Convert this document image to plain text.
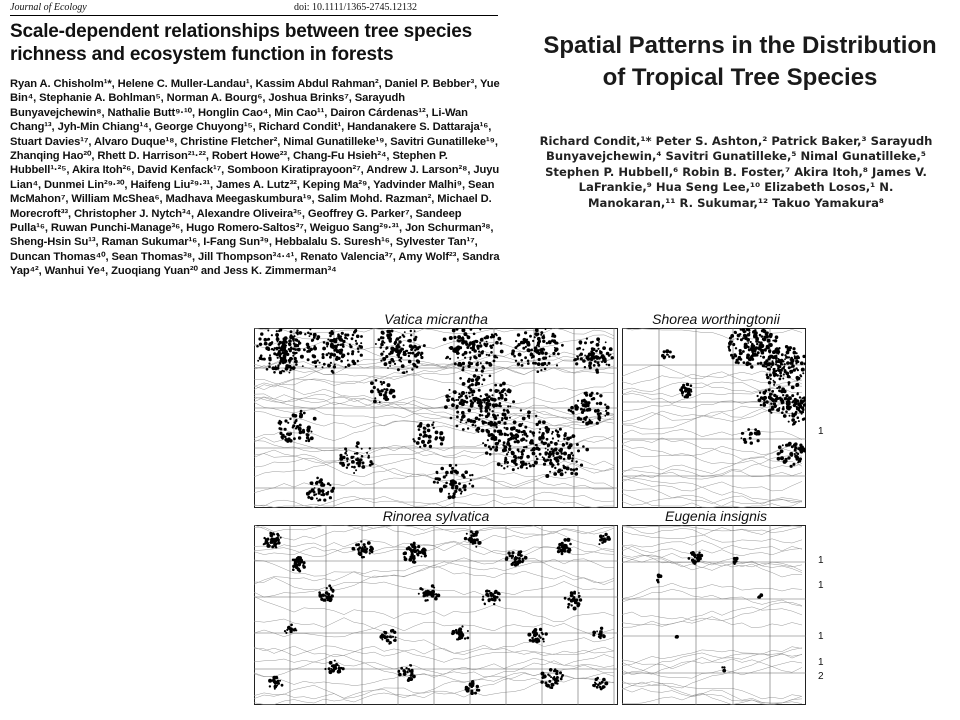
Journal of Ecology	doi: 10.1111/1365-2745.12132
Scale-dependent relationships between tree species richness and ecosystem function in forests
Ryan A. Chisholm¹*, Helene C. Muller-Landau¹, Kassim Abdul Rahman², Daniel P. Bebber³, Yue Bin⁴, Stephanie A. Bohlman⁵, Norman A. Bourg⁶, Joshua Brinks⁷, Sarayudh Bunyavejchewin⁸, Nathalie Butt⁹·¹⁰, Honglin Cao⁴, Min Cao¹¹, Dairon Cárdenas¹², Li-Wan Chang¹³, Jyh-Min Chiang¹⁴, George Chuyong¹⁵, Richard Condit¹, Handanakere S. Dattaraja¹⁶, Stuart Davies¹⁷, Alvaro Duque¹⁸, Christine Fletcher², Nimal Gunatilleke¹⁹, Savitri Gunatilleke¹⁹, Zhanqing Hao²⁰, Rhett D. Harrison²¹·²², Robert Howe²³, Chang-Fu Hsieh²⁴, Stephen P. Hubbell¹·²⁵, Akira Itoh²⁶, David Kenfack¹⁷, Somboon Kiratiprayoon²⁷, Andrew J. Larson²⁸, Juyu Lian⁴, Dunmei Lin²⁹·³⁰, Haifeng Liu²⁹·³¹, James A. Lutz³², Keping Ma²⁹, Yadvinder Malhi⁹, Sean McMahon⁷, William McShea⁶, Madhava Meegaskumbura¹⁹, Salim Mohd. Razman², Michael D. Morecroft³³, Christopher J. Nytch³⁴, Alexandre Oliveira³⁵, Geoffrey G. Parker⁷, Sandeep Pulla¹⁶, Ruwan Punchi-Manage³⁶, Hugo Romero-Saltos³⁷, Weiguo Sang²⁹·³¹, Jon Schurman³⁸, Sheng-Hsin Su¹³, Raman Sukumar¹⁶, I-Fang Sun³⁹, Hebbalalu S. Suresh¹⁶, Sylvester Tan¹⁷, Duncan Thomas⁴⁰, Sean Thomas³⁸, Jill Thompson³⁴·⁴¹, Renato Valencia³⁷, Amy Wolf²³, Sandra Yap⁴², Wanhui Ye⁴, Zuoqiang Yuan²⁰ and Jess K. Zimmerman³⁴
Spatial Patterns in the Distribution of Tropical Tree Species
Richard Condit,¹* Peter S. Ashton,² Patrick Baker,³ Sarayudh Bunyavejchewin,⁴ Savitri Gunatilleke,⁵ Nimal Gunatilleke,⁵ Stephen P. Hubbell,⁶ Robin B. Foster,⁷ Akira Itoh,⁸ James V. LaFrankie,⁹ Hua Seng Lee,¹⁰ Elizabeth Losos,¹ N. Manokaran,¹¹ R. Sukumar,¹² Takuo Yamakura⁸
Vatica micrantha	Shorea worthingtonii
Rinorea sylvatica	Eugenia insignis
1
1
1
1
1
2
